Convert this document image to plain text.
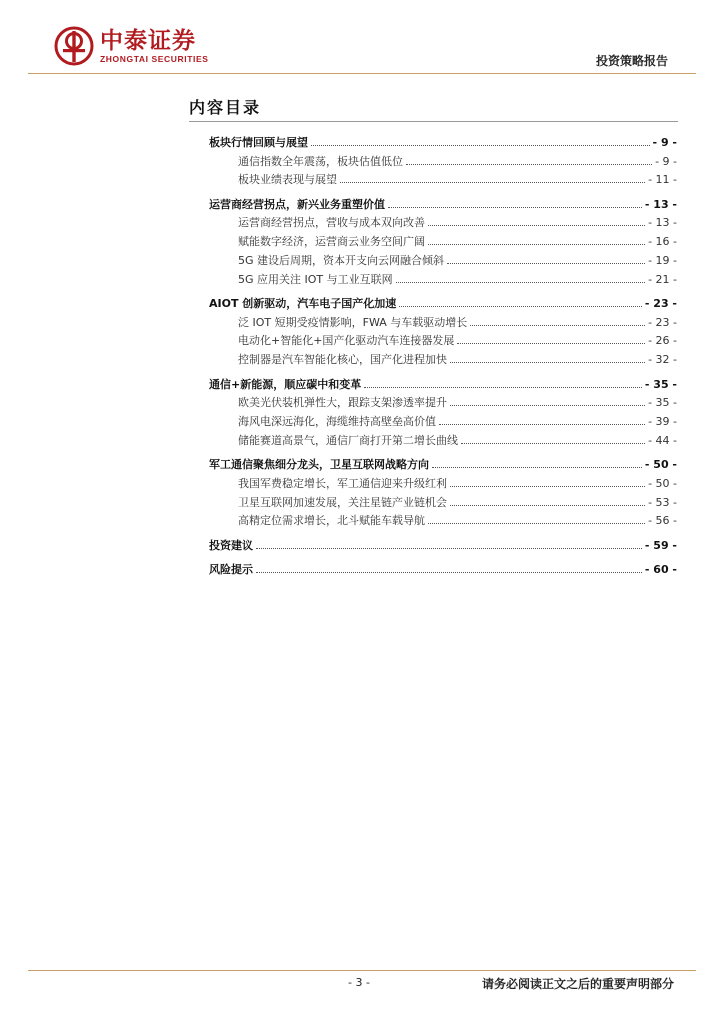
中泰证券
ZHONGTAI SECURITIES	投资策略报告
内容目录
板块行情回顾与展望	- 9 -
通信指数全年震荡，板块估值低位	- 9 -
板块业绩表现与展望	- 11 -
运营商经营拐点，新兴业务重塑价值	- 13 -
运营商经营拐点，营收与成本双向改善	- 13 -
赋能数字经济，运营商云业务空间广阔	- 16 -
5G 建设后周期，资本开支向云网融合倾斜	- 19 -
5G 应用关注 IOT 与工业互联网	- 21 -
AIOT 创新驱动，汽车电子国产化加速	- 23 -
泛 IOT 短期受疫情影响，FWA 与车载驱动增长	- 23 -
电动化+智能化+国产化驱动汽车连接器发展	- 26 -
控制器是汽车智能化核心，国产化进程加快	- 32 -
通信+新能源，顺应碳中和变革	- 35 -
欧美光伏装机弹性大，跟踪支架渗透率提升	- 35 -
海风电深远海化，海缆维持高壁垒高价值	- 39 -
储能赛道高景气，通信厂商打开第二增长曲线	- 44 -
军工通信聚焦细分龙头，卫星互联网战略方向	- 50 -
我国军费稳定增长，军工通信迎来升级红利	- 50 -
卫星互联网加速发展，关注星链产业链机会	- 53 -
高精定位需求增长，北斗赋能车载导航	- 56 -
投资建议	- 59 -
风险提示	- 60 -
- 3 -	请务必阅读正文之后的重要声明部分
